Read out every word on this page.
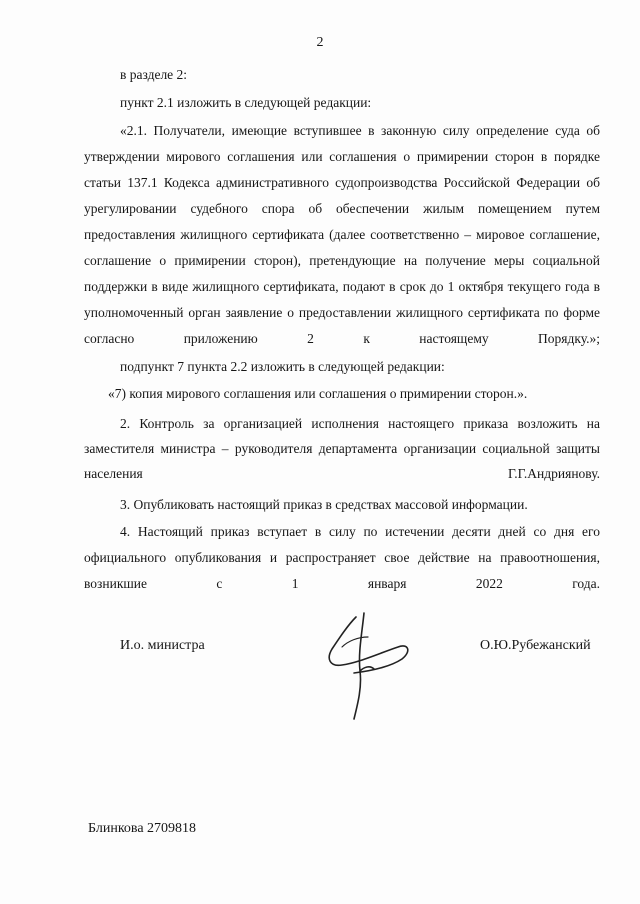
2

в разделе 2:

пункт 2.1 изложить в следующей редакции:

«2.1. Получатели, имеющие вступившее в законную силу определение суда об утверждении мирового соглашения или соглашения о примирении сторон в порядке статьи 137.1 Кодекса административного судопроизводства Российской Федерации об урегулировании судебного спора об обеспечении жилым помещением путем предоставления жилищного сертификата (далее соответственно – мировое соглашение, соглашение о примирении сторон), претендующие на получение меры социальной поддержки в виде жилищного сертификата, подают в срок до 1 октября текущего года в уполномоченный орган заявление о предоставлении жилищного сертификата по форме согласно приложению 2 к настоящему Порядку.»;

подпункт 7 пункта 2.2 изложить в следующей редакции:

«7) копия мирового соглашения или соглашения о примирении сторон.».

2. Контроль за организацией исполнения настоящего приказа возложить на заместителя министра – руководителя департамента организации социальной защиты населения Г.Г.Андриянову.

3. Опубликовать настоящий приказ в средствах массовой информации.

4. Настоящий приказ вступает в силу по истечении десяти дней со дня его официального опубликования и распространяет свое действие на правоотношения, возникшие с 1 января 2022 года.

И.о. министра	О.Ю.Рубежанский
Блинкова 2709818
